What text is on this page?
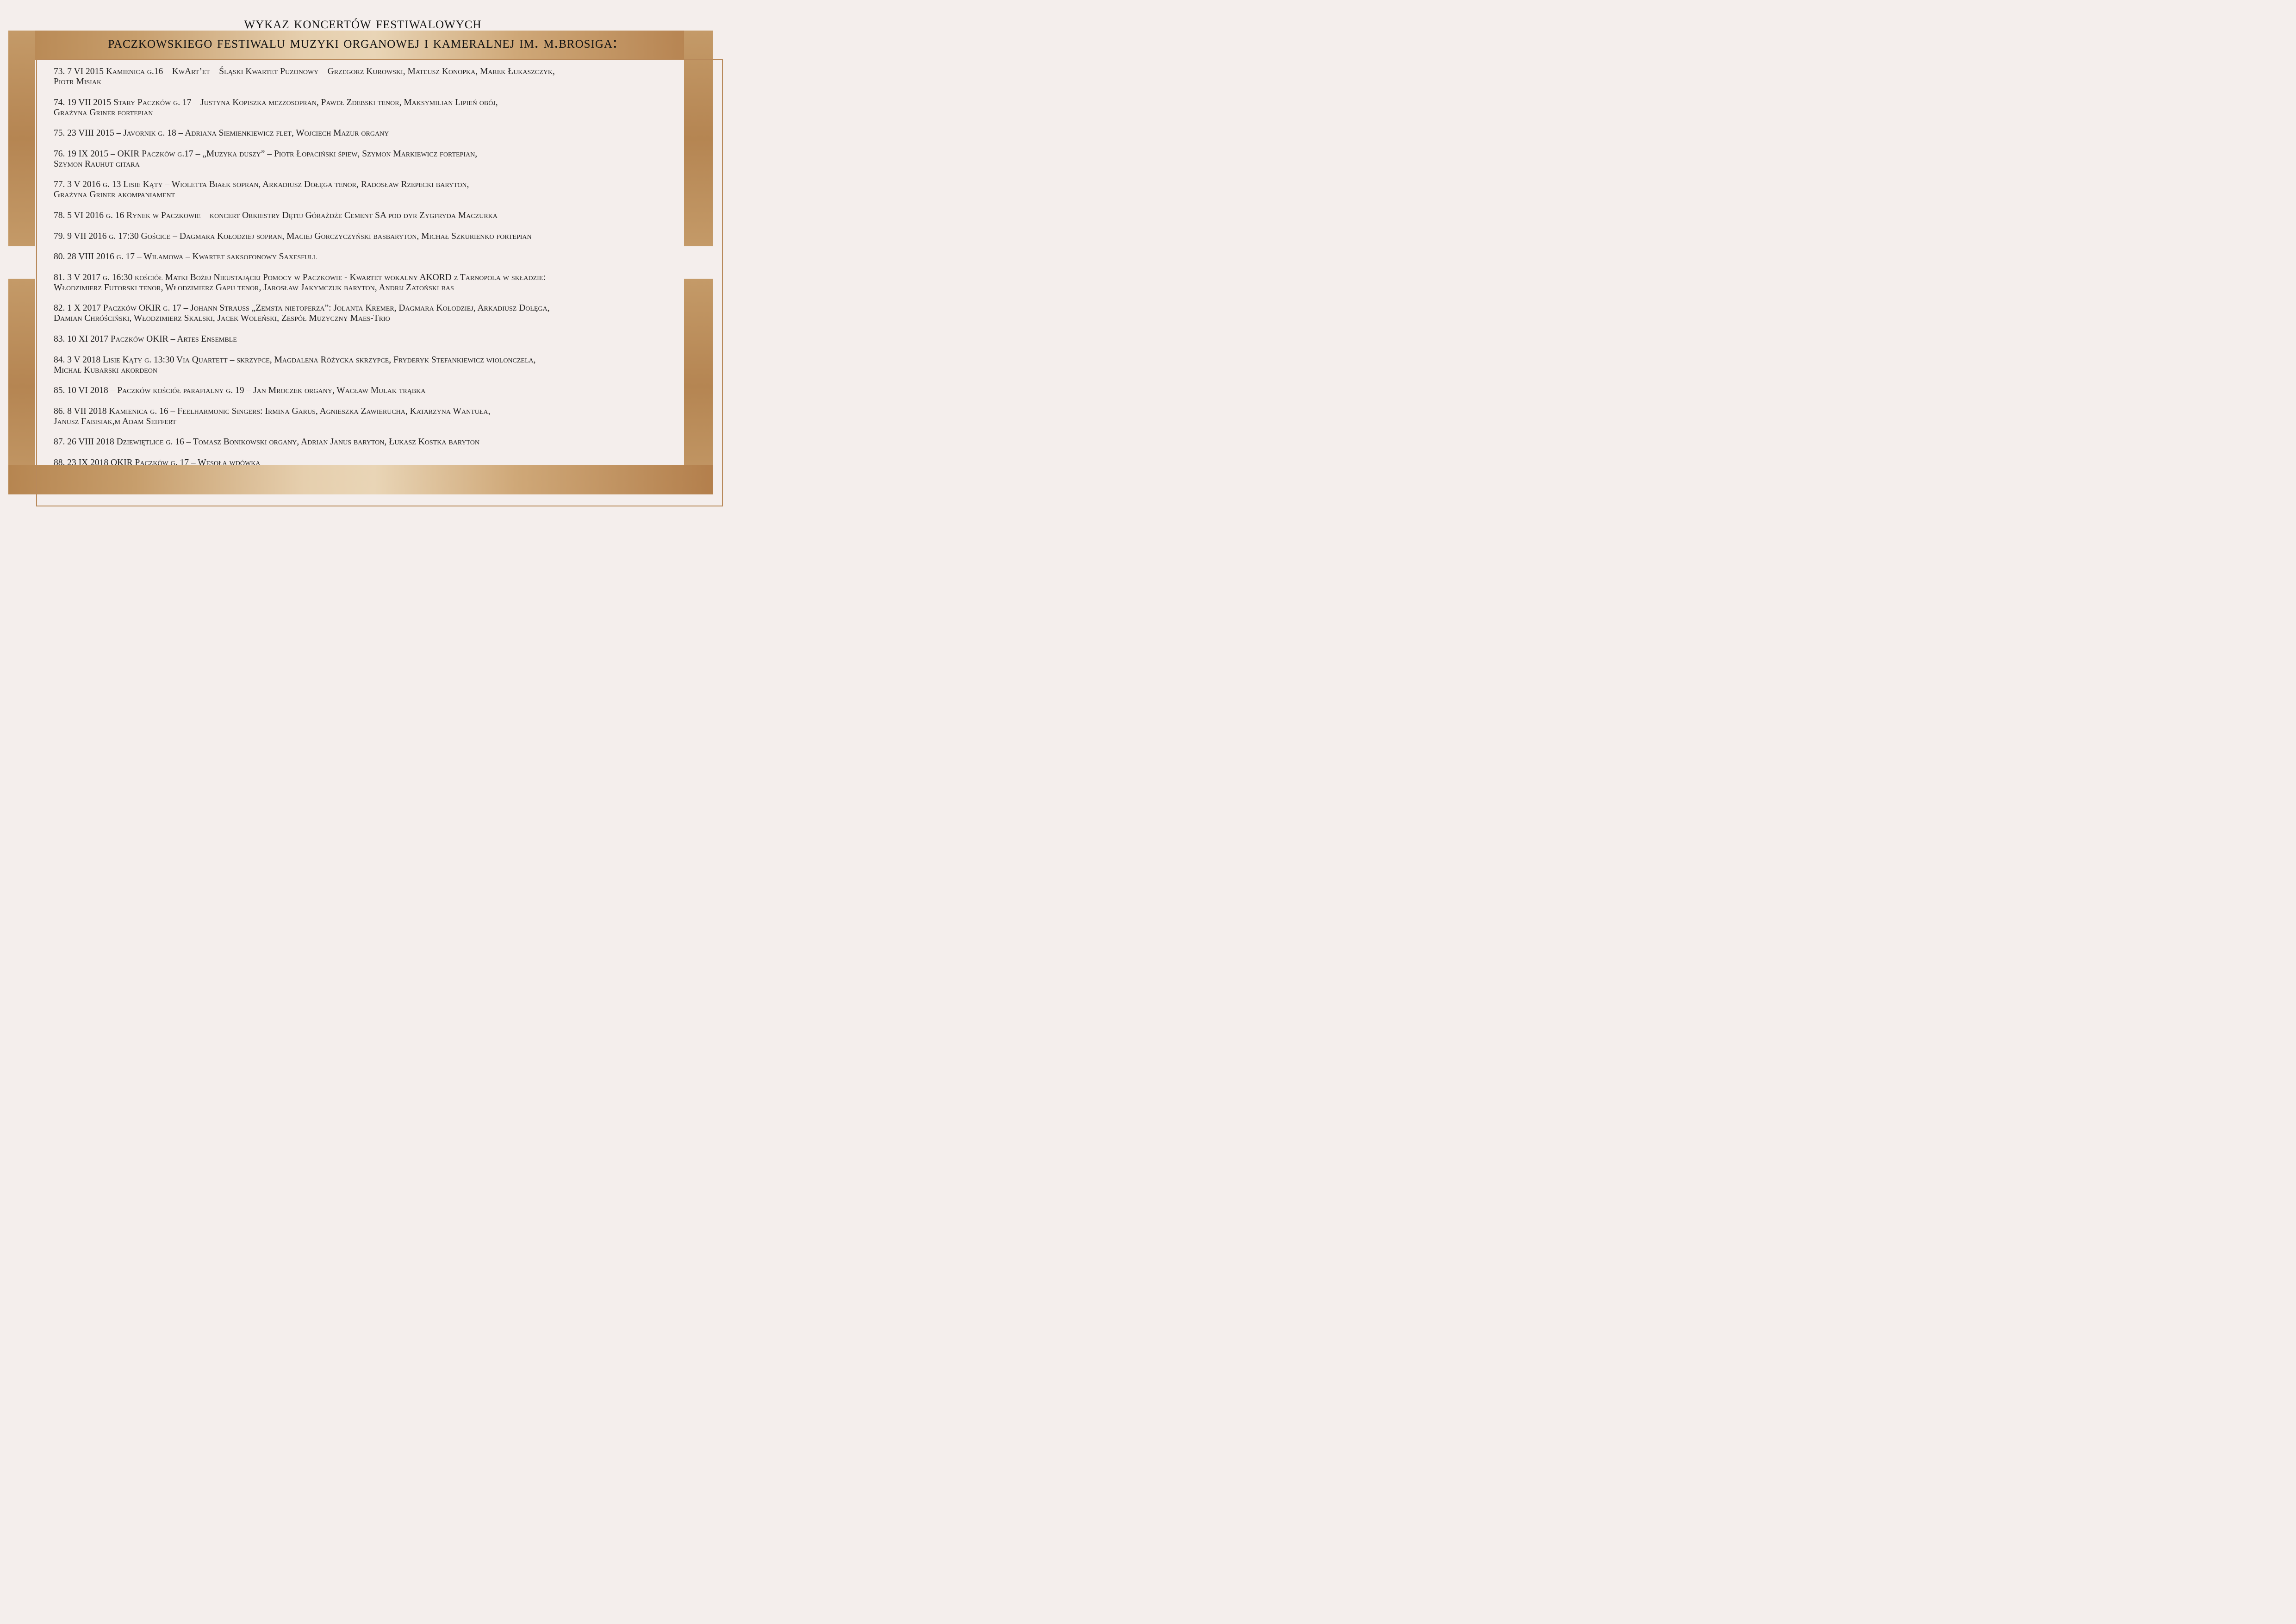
wykaz koncertów festiwalowych
paczkowskiego festiwalu muzyki organowej i kameralnej im. m.brosiga:
73. 7 VI 2015 Kamienica g.16 – KwArt’et – Śląski Kwartet Puzonowy – Grzegorz Kurowski, Mateusz Konopka, Marek Łukaszczyk,
Piotr Misiak
74. 19 VII 2015 Stary Paczków g. 17 – Justyna Kopiszka mezzosopran, Paweł Zdebski tenor, Maksymilian Lipień obój,
Grażyna Griner fortepian
75. 23 VIII 2015 – Javornik g. 18 – Adriana Siemienkiewicz flet, Wojciech Mazur organy
76. 19 IX 2015 – OKIR Paczków g.17 – „Muzyka duszy” – Piotr Łopaciński śpiew, Szymon Markiewicz fortepian,
Szymon Rauhut gitara
77. 3 V 2016 g. 13 Lisie Kąty – Wioletta Białk sopran, Arkadiusz Dołęga tenor, Radosław Rzepecki baryton,
Grażyna Griner akompaniament
78. 5 VI 2016 g. 16 Rynek w Paczkowie – koncert Orkiestry Dętej Górażdże Cement SA pod dyr Zygfryda Maczurka
79. 9 VII 2016 g. 17:30 Gościce – Dagmara Kołodziej sopran, Maciej Gorczyczyński basbaryton, Michał Szkurienko fortepian
80. 28 VIII 2016 g. 17 – Wilamowa – Kwartet saksofonowy Saxesfull
81. 3 V 2017 g. 16:30 kościół Matki Bożej Nieustającej Pomocy w Paczkowie - Kwartet wokalny AKORD z Tarnopola w składzie:
Włodzimierz Futorski tenor, Włodzimierz Gapij tenor, Jarosław Jakymczuk baryton, Andrij Zatoński bas
82. 1 X 2017 Paczków OKIR g. 17 – Johann Strauss „Zemsta nietoperza”: Jolanta Kremer, Dagmara Kołodziej, Arkadiusz Dołęga,
Damian Chróściński, Włodzimierz Skalski, Jacek Woleński, Zespół Muzyczny Maes-Trio
83. 10 XI 2017 Paczków OKIR – Artes Ensemble
84. 3 V 2018 Lisie Kąty g. 13:30 Via Quartett – skrzypce, Magdalena Różycka skrzypce, Fryderyk Stefankiewicz wiolonczela,
Michał Kubarski akordeon
85. 10 VI 2018 – Paczków kościół parafialny g. 19 – Jan Mroczek organy, Wacław Mulak trąbka
86. 8 VII 2018 Kamienica g. 16 – Feelharmonic Singers: Irmina Garus, Agnieszka Zawierucha, Katarzyna Wantuła,
Janusz Fabisiak,m Adam Seiffert
87. 26 VIII 2018 Dziewiętlice g. 16 – Tomasz Bonikowski organy, Adrian Janus baryton, Łukasz Kostka baryton
88. 23 IX 2018 OKIR Paczków g. 17 – Wesoła wdówka
